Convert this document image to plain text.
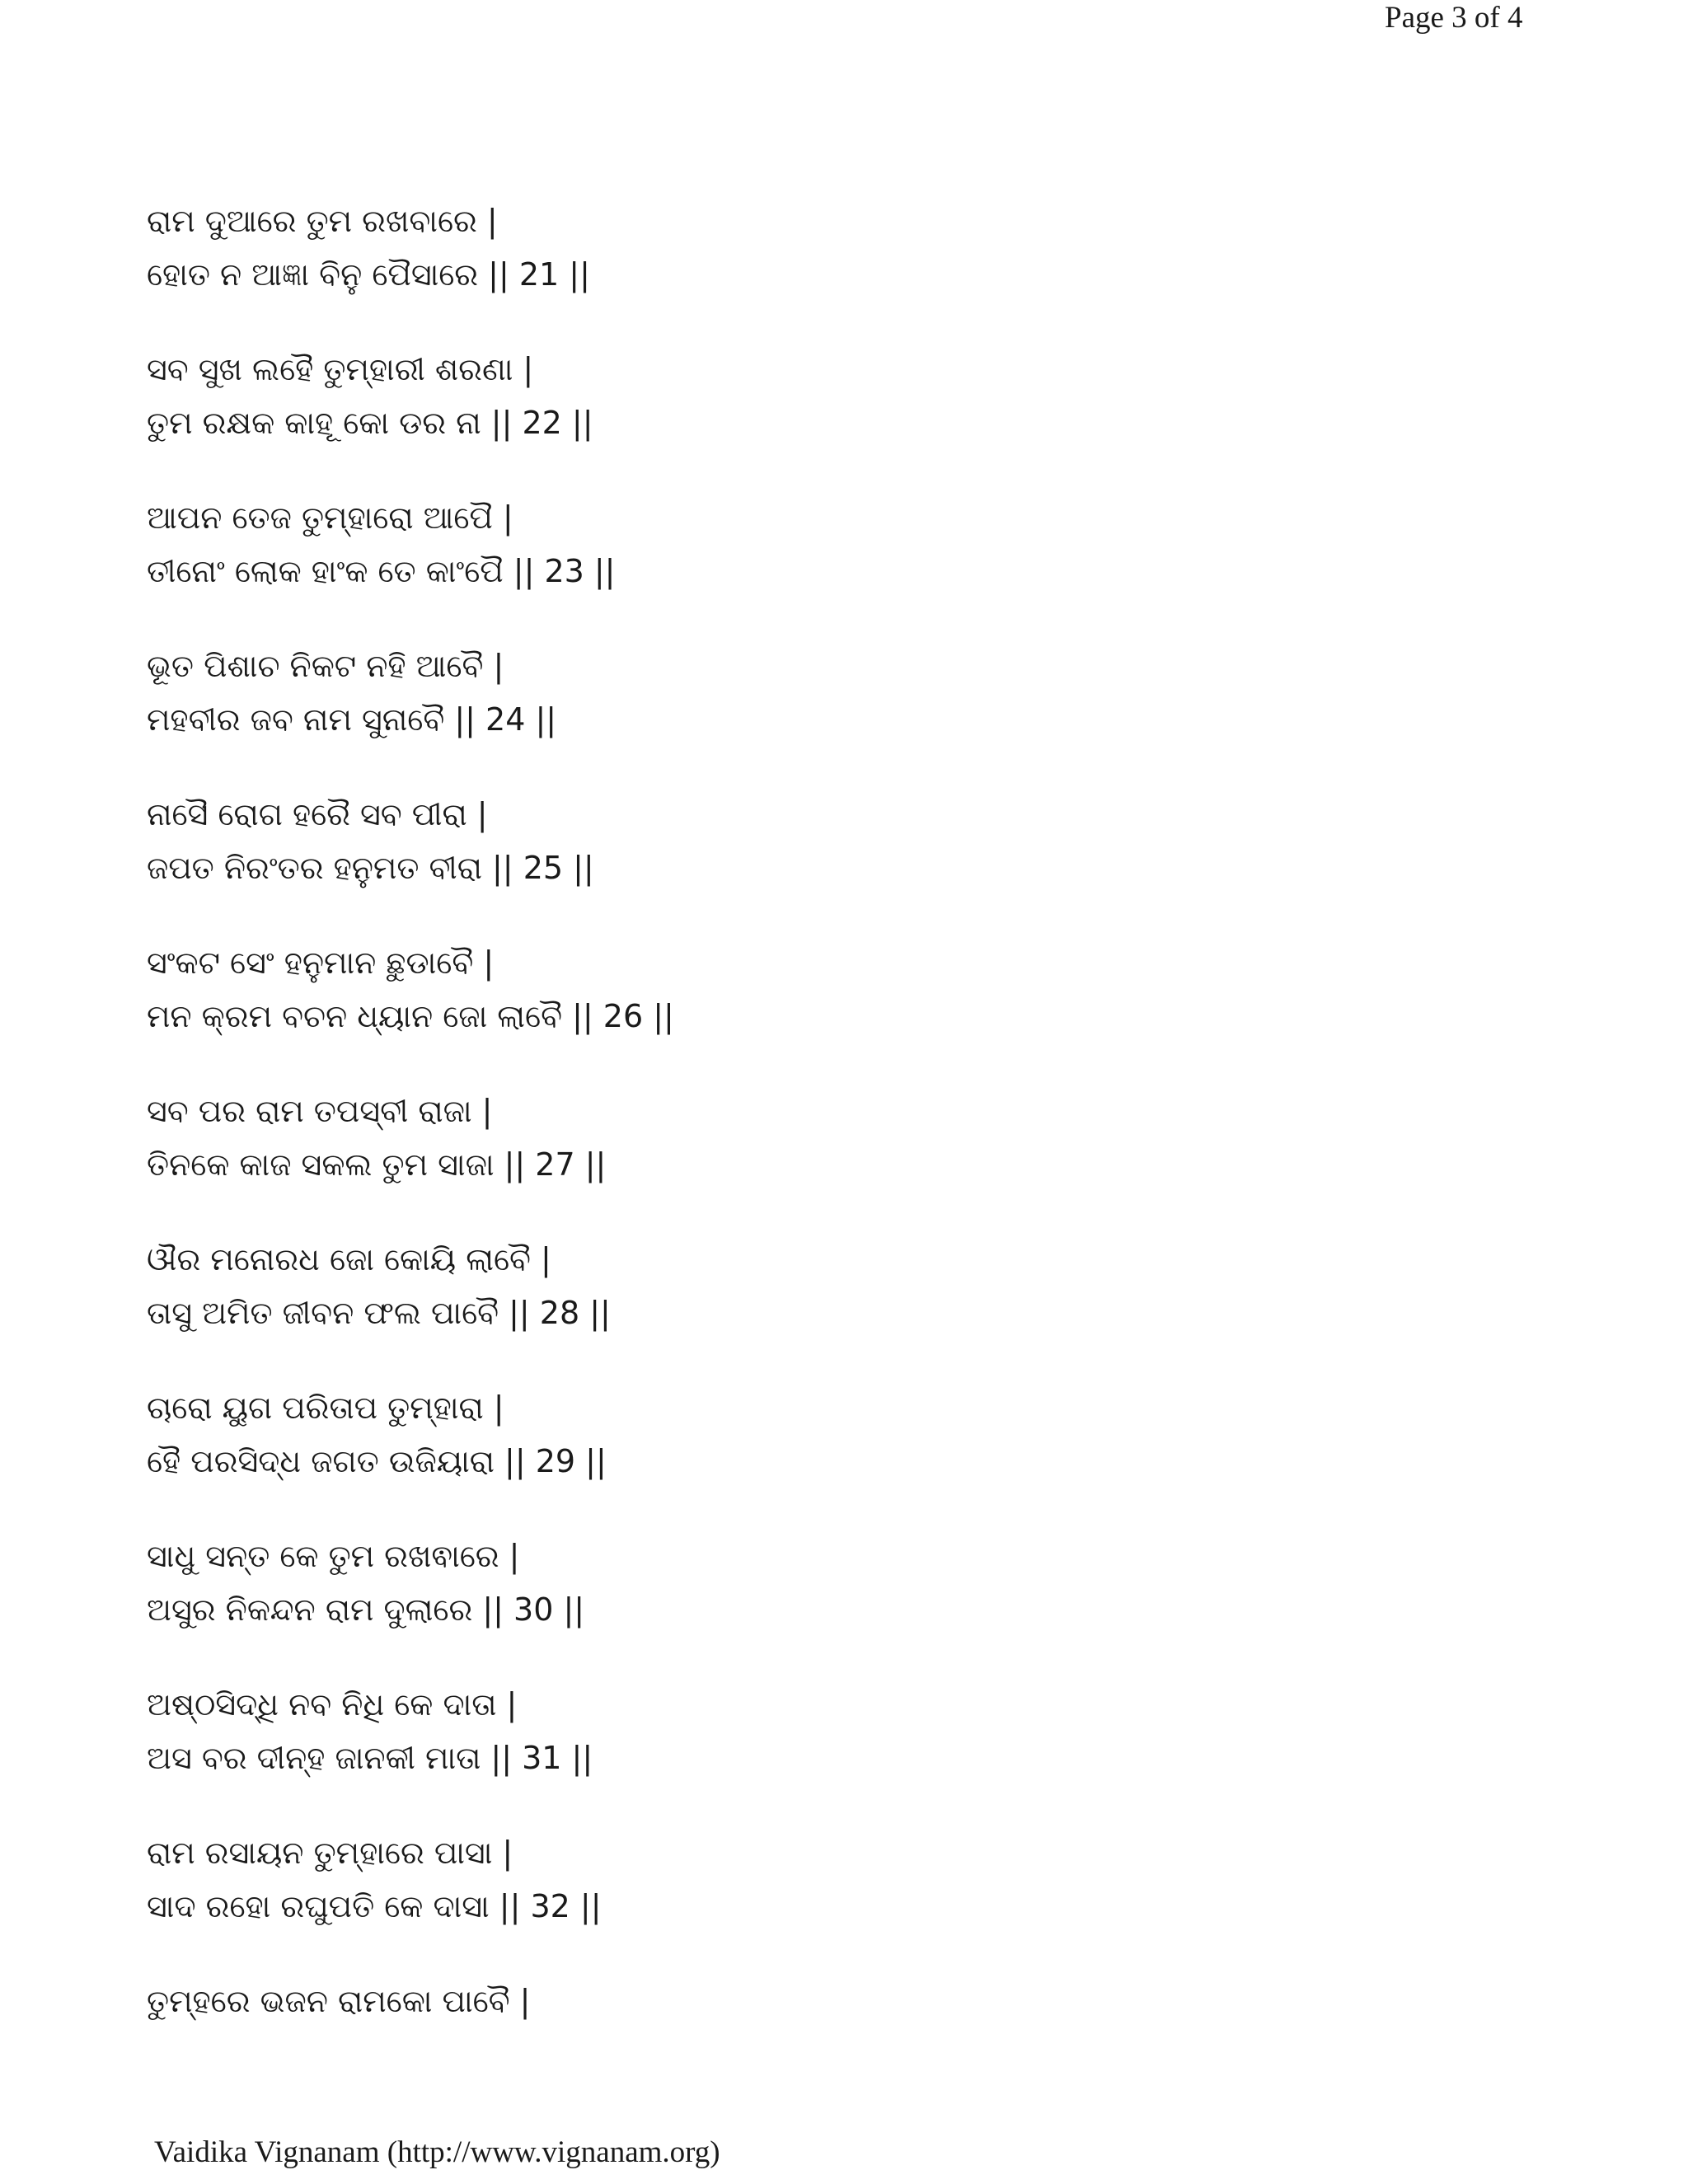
Page 3 of 4
ରାମ ଦୁଆରେ ତୁମ ରଖବାରେ |
ହୋତ ନ ଆଜ୍ଞା ବିନୁ ପୈସାରେ || 21 ||
ସବ ସୁଖ ଲହୈ ତୁମ୍ହାରୀ ଶରଣା |
ତୁମ ରକ୍ଷକ କାହୂ କୋ ଡର ନା || 22 ||
ଆପନ ତେଜ ତୁମ୍ହାରୋ ଆପୈ |
ତୀନୋଂ ଲୋକ ହାଂକ ତେ କାଂପୈ || 23 ||
ଭୂତ ପିଶାଚ ନିକଟ ନହି ଆବୈ |
ମହବୀର ଜବ ନାମ ସୁନାବୈ || 24 ||
ନାସୈ ରୋଗ ହରୈ ସବ ପୀରା |
ଜପତ ନିରଂତର ହନୁମତ ବୀରା || 25 ||
ସଂକଟ ସେଂ ହନୁମାନ ଛୁଡାବୈ |
ମନ କ୍ରମ ବଚନ ଧ୍ୟାନ ଜୋ ଲାବୈ || 26 ||
ସବ ପର ରାମ ତପସ୍ବୀ ରାଜା |
ତିନକେ କାଜ ସକଲ ତୁମ ସାଜା || 27 ||
ଔର ମନୋରଧ ଜୋ କୋୟି ଲାବୈ |
ତାସୁ ଅମିତ ଜୀବନ ଫଲ ପାବୈ || 28 ||
ଚାରୋ ୟୁଗ ପରିତାପ ତୁମ୍ହାରା |
ହୈ ପରସିଦ୍ଧ ଜଗତ ଉଜିୟାରା || 29 ||
ସାଧୁ ସନ୍ତ କେ ତୁମ ରଖଵାରେ |
ଅସୁର ନିକନ୍ଦନ ରାମ ଦୁଲାରେ || 30 ||
ଅଷ୍ଠସିଦ୍ଧି ନବ ନିଧି କେ ଦାତା |
ଅସ ବର ଦୀନ୍ହ ଜାନକୀ ମାତା || 31 ||
ରାମ ରସାୟନ ତୁମ୍ହାରେ ପାସା |
ସାଦ ରହୋ ରଘୁପତି କେ ଦାସା || 32 ||
ତୁମ୍ହରେ ଭଜନ ରାମକୋ ପାବୈ |
Vaidika Vignanam (http://www.vignanam.org)
